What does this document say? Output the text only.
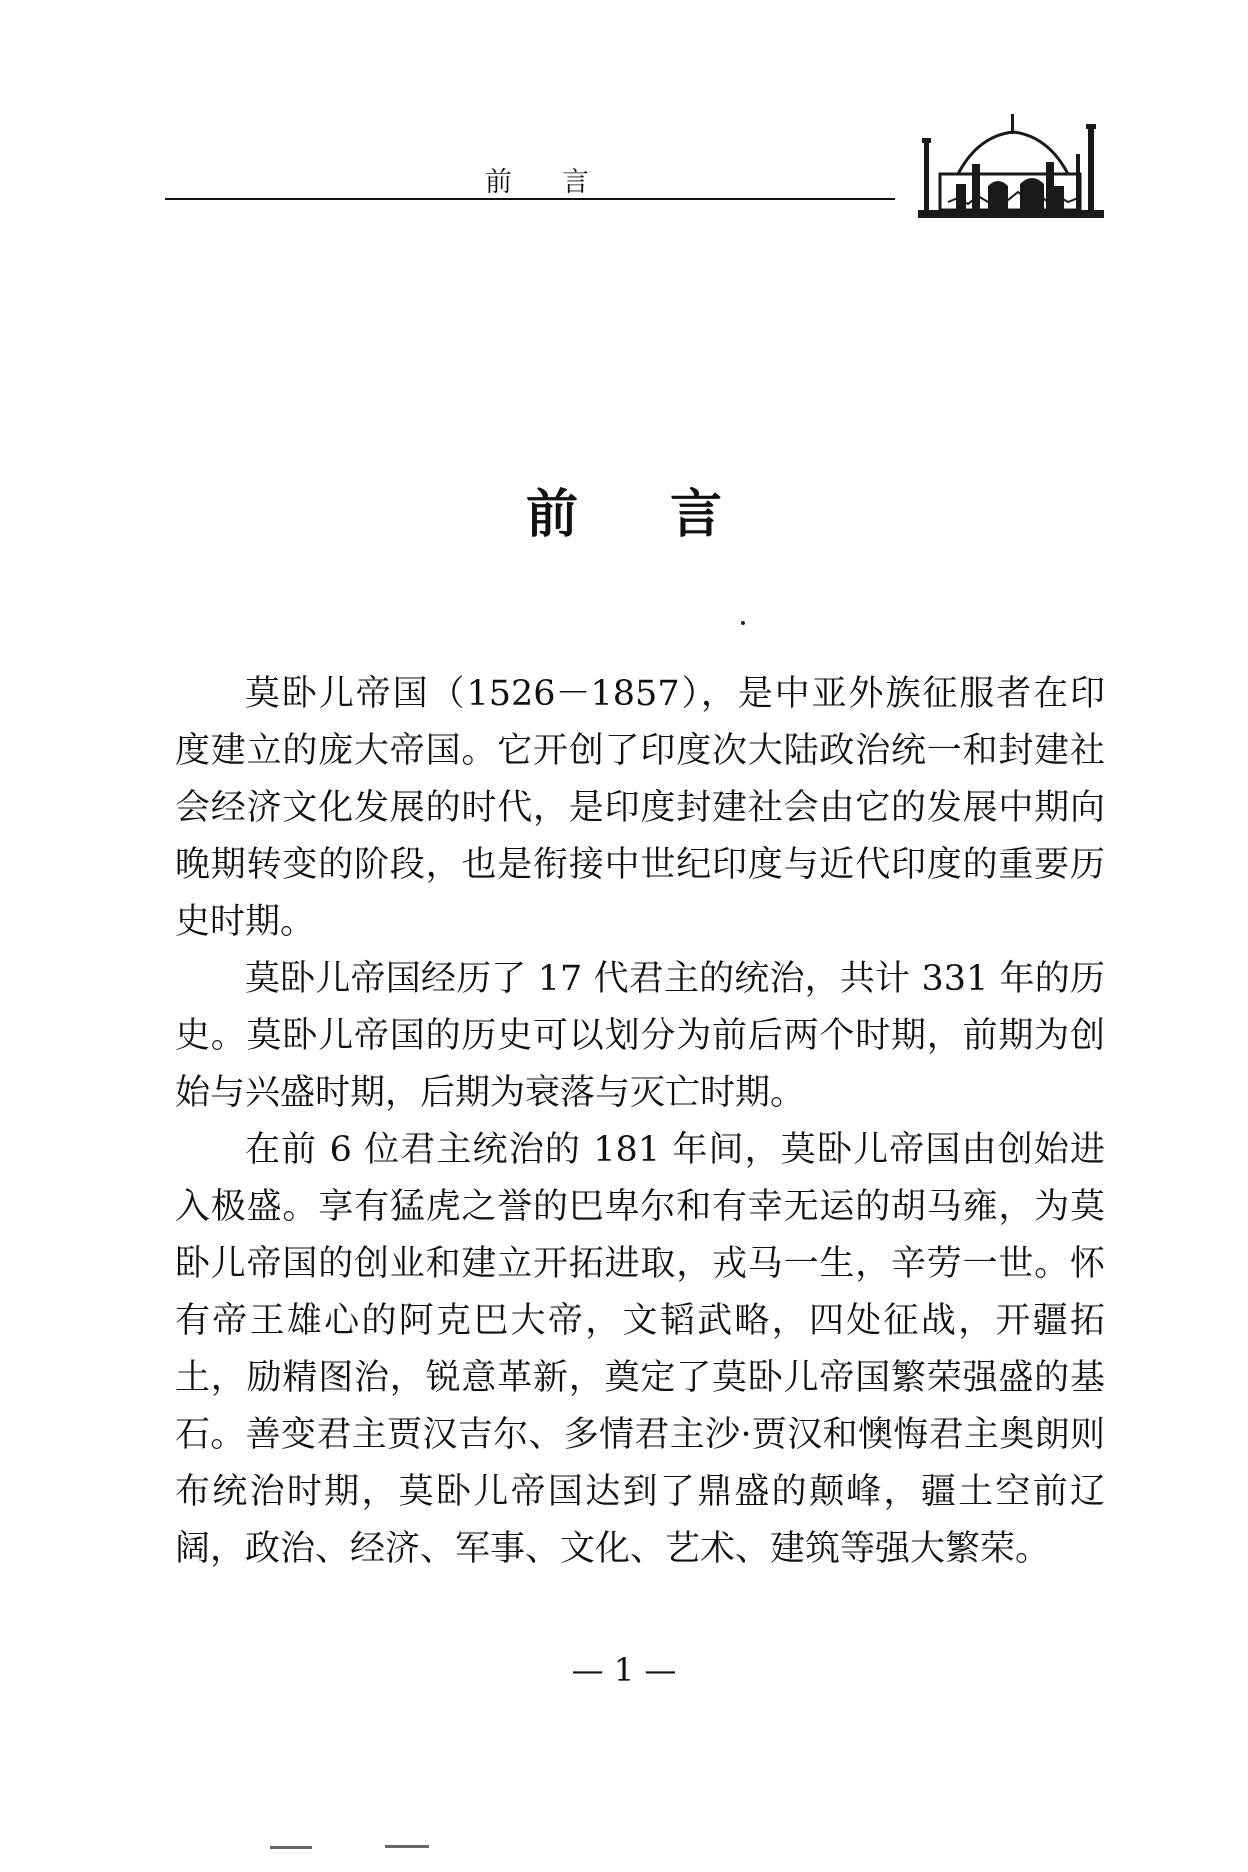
前言
前言

莫卧儿帝国（1526－1857），是中亚外族征服者在印度建立的庞大帝国。它开创了印度次大陆政治统一和封建社会经济文化发展的时代，是印度封建社会由它的发展中期向晚期转变的阶段，也是衔接中世纪印度与近代印度的重要历史时期。

莫卧儿帝国经历了 17 代君主的统治，共计 331 年的历史。莫卧儿帝国的历史可以划分为前后两个时期，前期为创始与兴盛时期，后期为衰落与灭亡时期。

在前 6 位君主统治的 181 年间，莫卧儿帝国由创始进入极盛。享有猛虎之誉的巴卑尔和有幸无运的胡马雍，为莫卧儿帝国的创业和建立开拓进取，戎马一生，辛劳一世。怀有帝王雄心的阿克巴大帝，文韬武略，四处征战，开疆拓土，励精图治，锐意革新，奠定了莫卧儿帝国繁荣强盛的基石。善变君主贾汉吉尔、多情君主沙·贾汉和懊悔君主奥朗则布统治时期，莫卧儿帝国达到了鼎盛的颠峰，疆土空前辽阔，政治、经济、军事、文化、艺术、建筑等强大繁荣。

— 1 —
